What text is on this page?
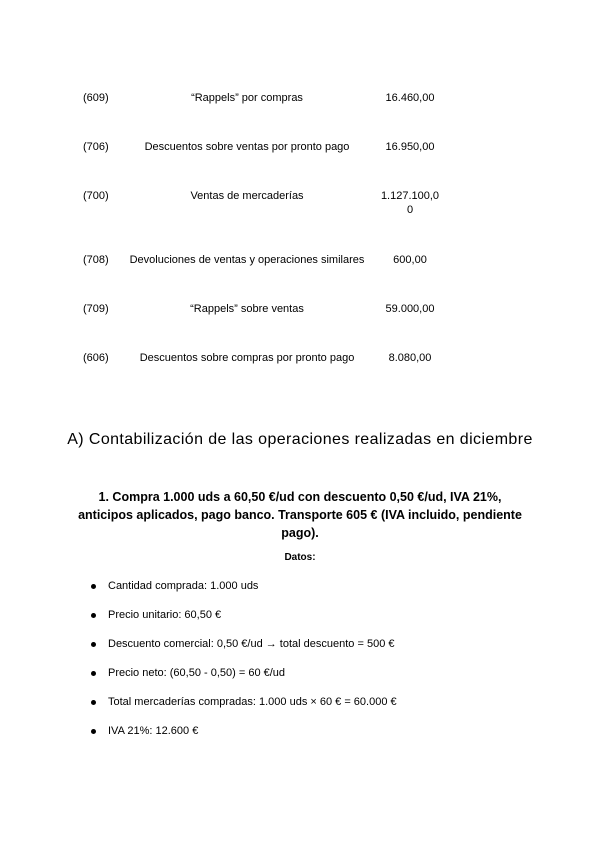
(609)	“Rappels” por compras	16.460,00
(706)	Descuentos sobre ventas por pronto pago	16.950,00
(700)	Ventas de mercaderías	1.127.100,00
(708)	Devoluciones de ventas y operaciones similares	600,00
(709)	“Rappels” sobre ventas	59.000,00
(606)	Descuentos sobre compras por pronto pago	8.080,00
A) Contabilización de las operaciones realizadas en diciembre
1. Compra 1.000 uds a 60,50 €/ud con descuento 0,50 €/ud, IVA 21%, anticipos aplicados, pago banco. Transporte 605 € (IVA incluido, pendiente pago).
Datos:
Cantidad comprada: 1.000 uds
Precio unitario: 60,50 €
Descuento comercial: 0,50 €/ud → total descuento = 500 €
Precio neto: (60,50 - 0,50) = 60 €/ud
Total mercaderías compradas: 1.000 uds × 60 € = 60.000 €
IVA 21%: 12.600 €
